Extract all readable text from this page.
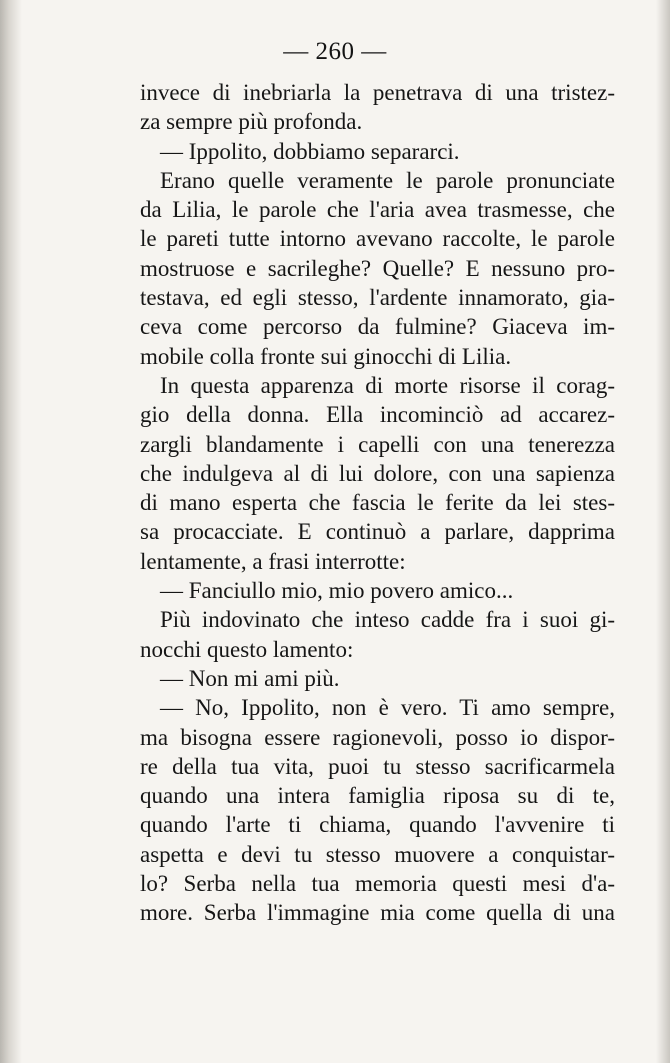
— 260 —

invece di inebriarla la penetrava di una tristez-
za sempre più profonda.
— Ippolito, dobbiamo separarci.
Erano quelle veramente le parole pronunciate
da Lilia, le parole che l'aria avea trasmesse, che
le pareti tutte intorno avevano raccolte, le parole
mostruose e sacrileghe? Quelle? E nessuno pro-
testava, ed egli stesso, l'ardente innamorato, gia-
ceva come percorso da fulmine? Giaceva im-
mobile colla fronte sui ginocchi di Lilia.
In questa apparenza di morte risorse il corag-
gio della donna. Ella incominciò ad accarez-
zargli blandamente i capelli con una tenerezza
che indulgeva al di lui dolore, con una sapienza
di mano esperta che fascia le ferite da lei stes-
sa procacciate. E continuò a parlare, dapprima
lentamente, a frasi interrotte:
— Fanciullo mio, mio povero amico...
Più indovinato che inteso cadde fra i suoi gi-
nocchi questo lamento:
— Non mi ami più.
— No, Ippolito, non è vero. Ti amo sempre,
ma bisogna essere ragionevoli, posso io dispor-
re della tua vita, puoi tu stesso sacrificarmela
quando una intera famiglia riposa su di te,
quando l'arte ti chiama, quando l'avvenire ti
aspetta e devi tu stesso muovere a conquistar-
lo? Serba nella tua memoria questi mesi d'a-
more. Serba l'immagine mia come quella di una
